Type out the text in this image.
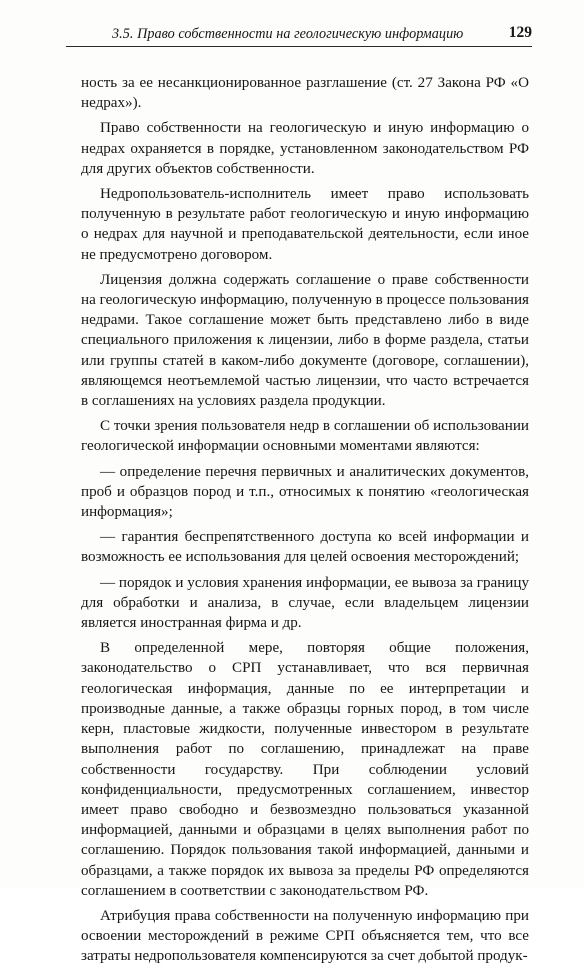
3.5. Право собственности на геологическую информацию	129

ность за ее несанкционированное разглашение (ст. 27 Закона РФ «О недрах»).

Право собственности на геологическую и иную информацию о недрах охраняется в порядке, установленном законодательством РФ для других объектов собственности.

Недропользователь-исполнитель имеет право использовать полученную в результате работ геологическую и иную информацию о недрах для научной и преподавательской деятельности, если иное не предусмотрено договором.

Лицензия должна содержать соглашение о праве собственности на геологическую информацию, полученную в процессе пользования недрами. Такое соглашение может быть представлено либо в виде специального приложения к лицензии, либо в форме раздела, статьи или группы статей в каком-либо документе (договоре, соглашении), являющемся неотъемлемой частью лицензии, что часто встречается в соглашениях на условиях раздела продукции.

С точки зрения пользователя недр в соглашении об использовании геологической информации основными моментами являются:

— определение перечня первичных и аналитических документов, проб и образцов пород и т.п., относимых к понятию «геологическая информация»;

— гарантия беспрепятственного доступа ко всей информации и возможность ее использования для целей освоения месторождений;

— порядок и условия хранения информации, ее вывоза за границу для обработки и анализа, в случае, если владельцем лицензии является иностранная фирма и др.

В определенной мере, повторяя общие положения, законодательство о СРП устанавливает, что вся первичная геологическая информация, данные по ее интерпретации и производные данные, а также образцы горных пород, в том числе керн, пластовые жидкости, полученные инвестором в результате выполнения работ по соглашению, принадлежат на праве собственности государству. При соблюдении условий конфиденциальности, предусмотренных соглашением, инвестор имеет право свободно и безвозмездно пользоваться указанной информацией, данными и образцами в целях выполнения работ по соглашению. Порядок пользования такой информацией, данными и образцами, а также порядок их вывоза за пределы РФ определяются соглашением в соответствии с законодательством РФ.

Атрибуция права собственности на полученную информацию при освоении месторождений в режиме СРП объясняется тем, что все затраты недропользователя компенсируются за счет добытой продук-
